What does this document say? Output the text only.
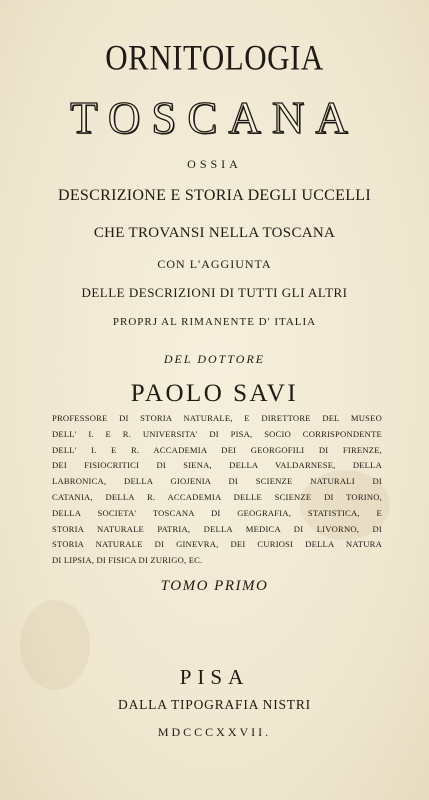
ORNITOLOGIA
TOSCANA
OSSIA
DESCRIZIONE E STORIA DEGLI UCCELLI
CHE TROVANSI NELLA TOSCANA
CON L'AGGIUNTA
DELLE DESCRIZIONI DI TUTTI GLI ALTRI
PROPRJ AL RIMANENTE D' ITALIA
DEL DOTTORE
PAOLO SAVI
PROFESSORE DI STORIA NATURALE, E DIRETTORE DEL MUSEO
DELL' I. E R. UNIVERSITA' DI PISA, SOCIO CORRISPONDENTE
DELL' I. E R. ACCADEMIA DEI GEORGOFILI DI FIRENZE,
DEI FISIOCRITICI DI SIENA, DELLA VALDARNESE, DELLA
LABRONICA, DELLA GIOJENIA DI SCIENZE NATURALI DI
CATANIA, DELLA R. ACCADEMIA DELLE SCIENZE DI TORINO,
DELLA SOCIETA' TOSCANA DI GEOGRAFIA, STATISTICA, E
STORIA NATURALE PATRIA, DELLA MEDICA DI LIVORNO, DI
STORIA NATURALE DI GINEVRA, DEI CURIOSI DELLA NATURA
DI LIPSIA, DI FISICA DI ZURIGO, EC.
TOMO PRIMO
PISA
DALLA TIPOGRAFIA NISTRI
MDCCCXXVII.
